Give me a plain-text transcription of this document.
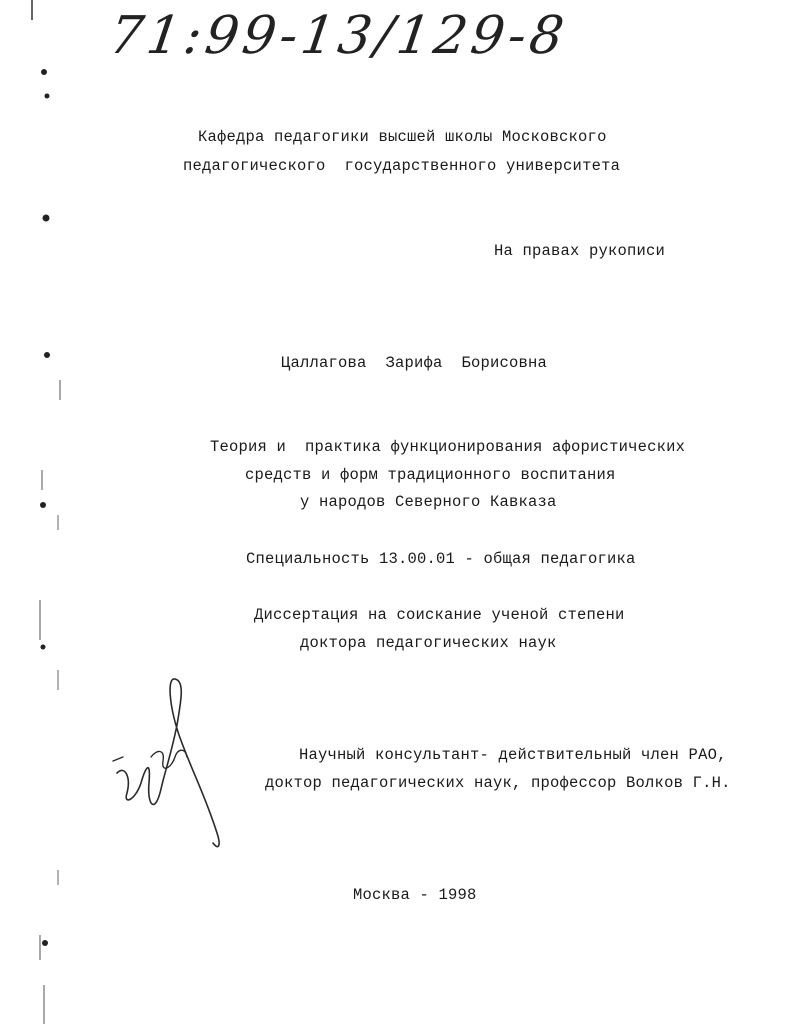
71:99-13/129-8
Кафедра педагогики высшей школы Московского
педагогического  государственного университета
На правах рукописи
Цаллагова  Зарифа  Борисовна
Теория и  практика функционирования афористических
средств и форм традиционного воспитания
у народов Северного Кавказа
Специальность 13.00.01 - общая педагогика
Диссертация на соискание ученой степени
доктора педагогических наук
Научный консультант- действительный член РАО,
доктор педагогических наук, профессор Волков Г.Н.
Москва - 1998
